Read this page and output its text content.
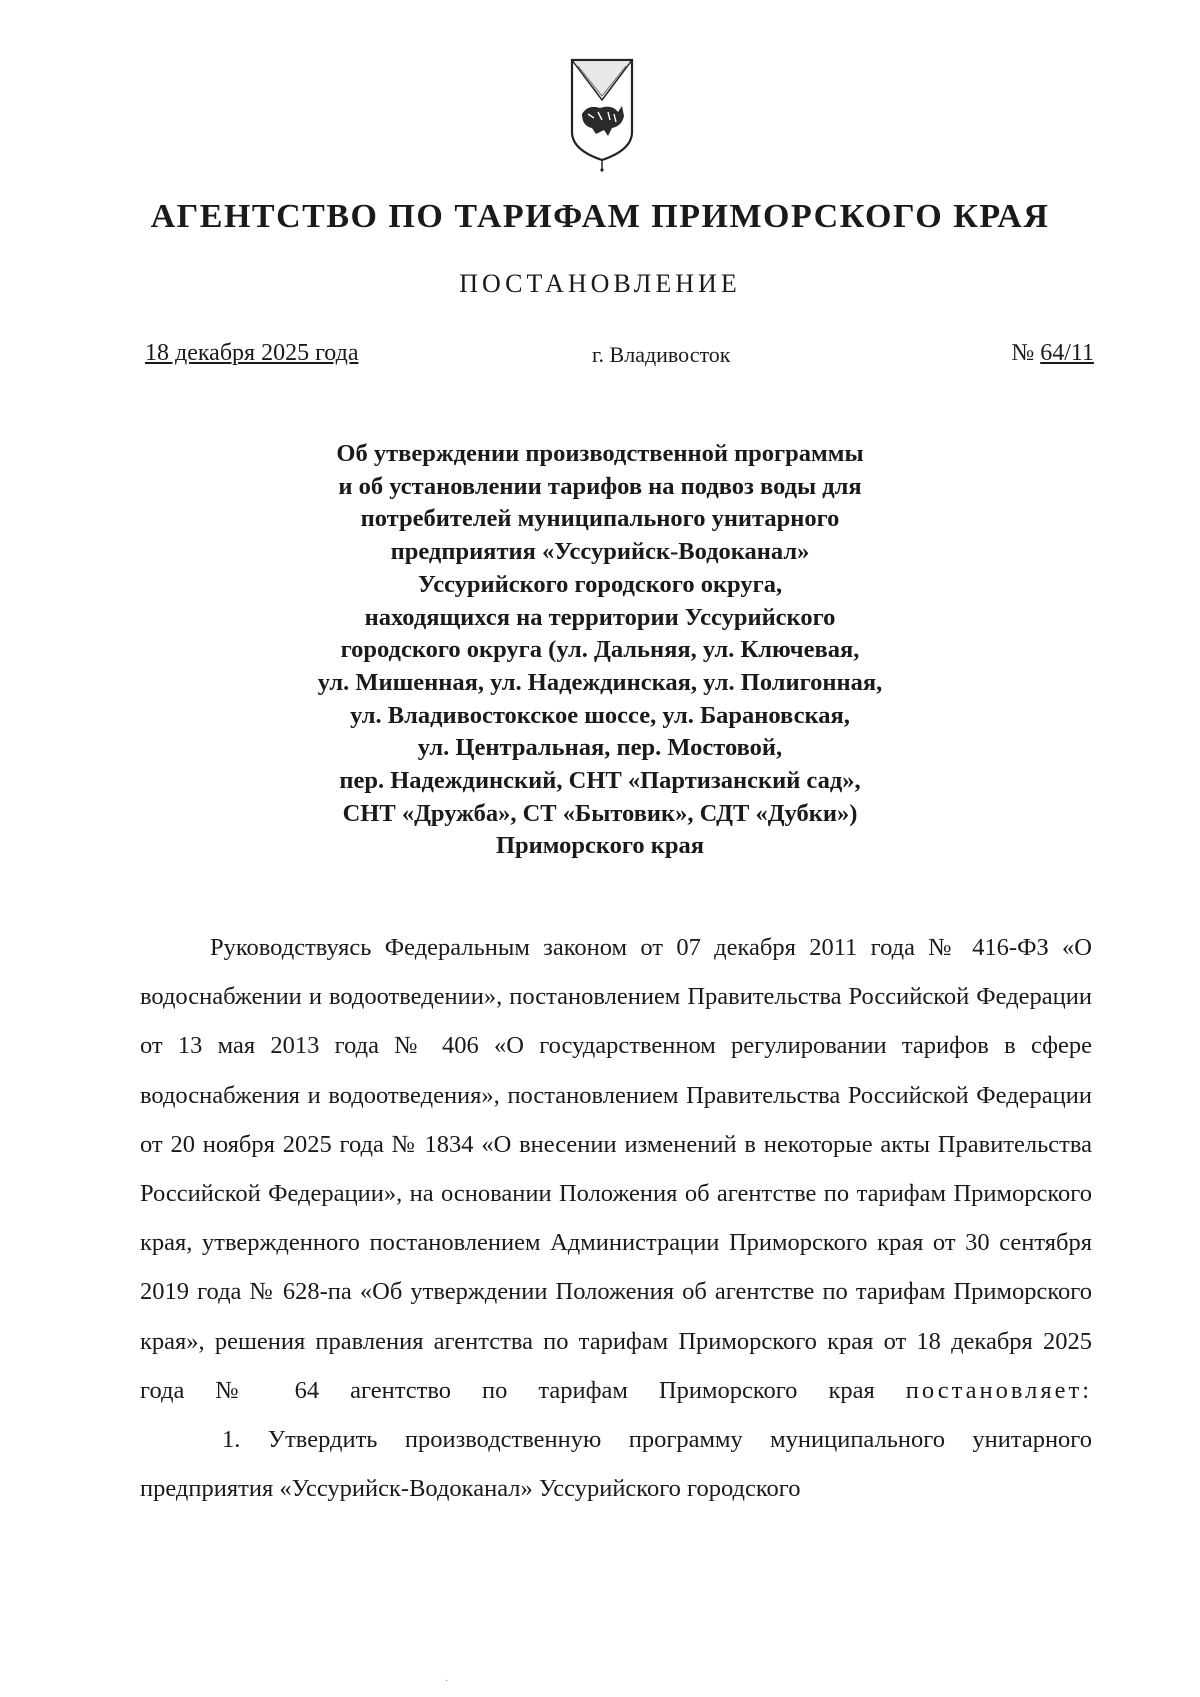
АГЕНТСТВО ПО ТАРИФАМ ПРИМОРСКОГО КРАЯ
ПОСТАНОВЛЕНИЕ
18 декабря 2025 года	г. Владивосток	№ 64/11
Об утверждении производственной программы
и об установлении тарифов на подвоз воды для
потребителей муниципального унитарного
предприятия «Уссурийск-Водоканал»
Уссурийского городского округа,
находящихся на территории Уссурийского
городского округа (ул. Дальняя, ул. Ключевая,
ул. Мишенная, ул. Надеждинская, ул. Полигонная,
ул. Владивостокское шоссе, ул. Барановская,
ул. Центральная, пер. Мостовой,
пер. Надеждинский, СНТ «Партизанский сад»,
СНТ «Дружба», СТ «Бытовик», СДТ «Дубки»)
Приморского края

Руководствуясь Федеральным законом от 07 декабря 2011 года № 416-ФЗ «О водоснабжении и водоотведении», постановлением Правительства Российской Федерации от 13 мая 2013 года № 406 «О государственном регулировании тарифов в сфере водоснабжения и водоотведения», постановлением Правительства Российской Федерации от 20 ноября 2025 года № 1834 «О внесении изменений в некоторые акты Правительства Российской Федерации», на основании Положения об агентстве по тарифам Приморского края, утвержденного постановлением Администрации Приморского края от 30 сентября 2019 года № 628-па «Об утверждении Положения об агентстве по тарифам Приморского края», решения правления агентства по тарифам Приморского края от 18 декабря 2025 года № 64 агентство по тарифам Приморского края постановляет:

1. Утвердить производственную программу муниципального унитарного предприятия «Уссурийск-Водоканал» Уссурийского городского

·
